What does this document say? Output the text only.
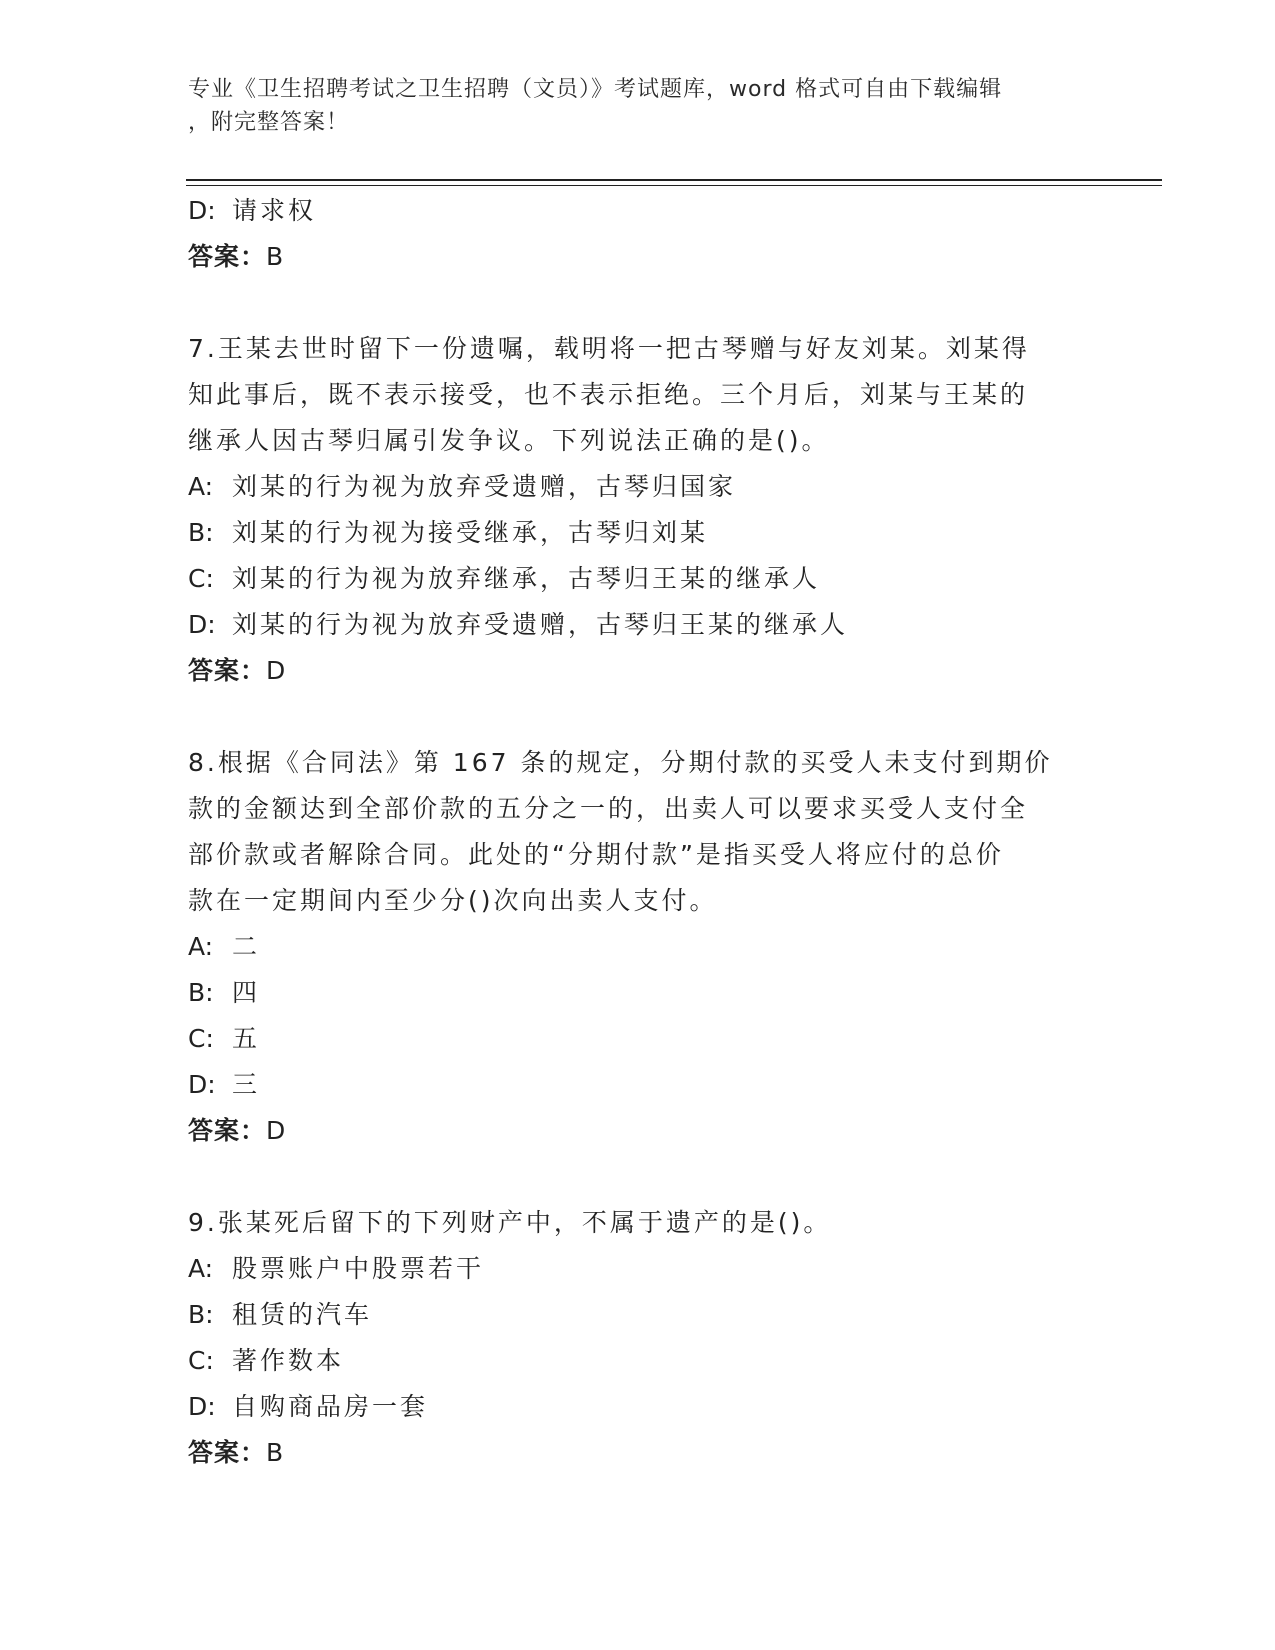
专业《卫生招聘考试之卫生招聘（文员）》考试题库，word 格式可自由下载编辑
，附完整答案！
D: 请求权
答案：B
7.王某去世时留下一份遗嘱，载明将一把古琴赠与好友刘某。刘某得
知此事后，既不表示接受，也不表示拒绝。三个月后，刘某与王某的
继承人因古琴归属引发争议。下列说法正确的是()。
A: 刘某的行为视为放弃受遗赠，古琴归国家
B: 刘某的行为视为接受继承，古琴归刘某
C: 刘某的行为视为放弃继承，古琴归王某的继承人
D: 刘某的行为视为放弃受遗赠，古琴归王某的继承人
答案：D
8.根据《合同法》第 167 条的规定，分期付款的买受人未支付到期价
款的金额达到全部价款的五分之一的，出卖人可以要求买受人支付全
部价款或者解除合同。此处的“分期付款”是指买受人将应付的总价
款在一定期间内至少分()次向出卖人支付。
A: 二
B: 四
C: 五
D: 三
答案：D
9.张某死后留下的下列财产中，不属于遗产的是()。
A: 股票账户中股票若干
B: 租赁的汽车
C: 著作数本
D: 自购商品房一套
答案：B
